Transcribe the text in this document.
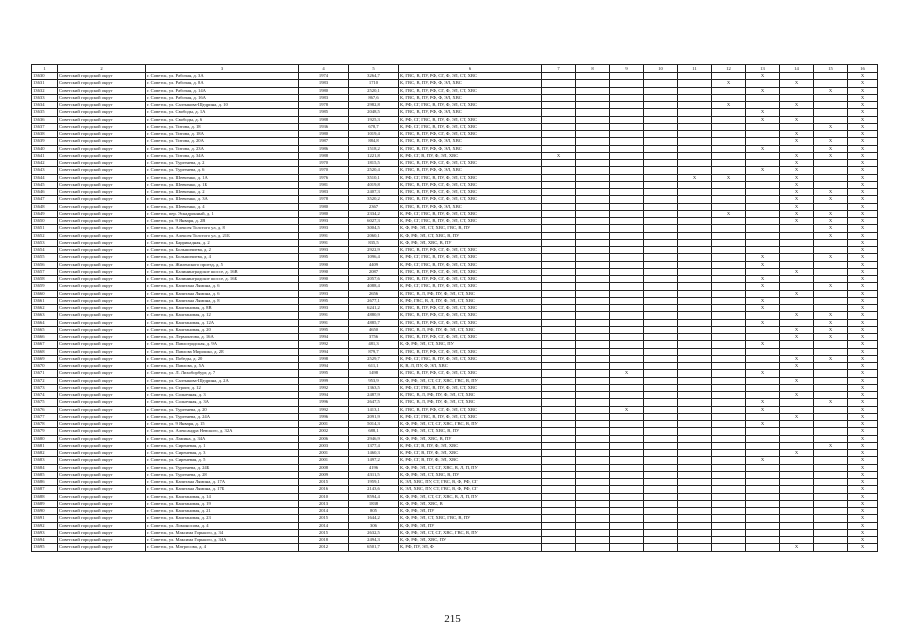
1	2	3	4	5	6	7	8	9	10	11	12	13	14	15	16
13630	Советский городской округ	г. Советск, ул. Рабочая, д. 3А	1974	3264,7	К, ГВС, В, ПУ, РФ, СГ, Ф, ЭЛ, СТ, ХВС							X			X
13631	Советский городской округ	г. Советск, ул. Рабочая, д. 8А	1983	1710	К, ГВС, В, ПУ, РФ, Ф, ЭЛ, ХВС						X		X		X
13632	Советский городской округ	г. Советск, ул. Рабочая, д. 14А	1980	2520,1	К, ГВС, В, ПУ, РФ, СГ, Ф, ЭЛ, СТ, ХВС							X		X	X
13633	Советский городской округ	г. Советск, ул. Рабочая, д. 16А	1983	867,6	К, ГВС, В, ПУ, РФ, Ф, ЭЛ, ХВС										X
13634	Советский городской округ	г. Советск, ул. Салтыкова-Щедрина, д. 10	1978	2982,8	К, РФ, СГ, ГВС, В, ПУ, Ф, ЭЛ, СТ, ХВС						X		X		X
13635	Советский городской округ	г. Советск, ул. Свободы, д. 1А	1985	2048,5	К, ГВС, В, ПУ, РФ, Ф, ЭЛ, ХВС							X			X
13636	Советский городской округ	г. Советск, ул. Свободы, д. 6	1988	1925,3	К, РФ, СГ, ГВС, В, ПУ, Ф, ЭЛ, СТ, ХВС							X	X		X
13637	Советский городской округ	г. Советск, ул. Титова, д. 18	1936	678,7	К, РФ, СГ, ГВС, В, ПУ, Ф, ЭЛ, СТ, ХВС									X	X
13638	Советский городской округ	г. Советск, ул. Титова, д. 18А	1980	1019,4	К, ГВС, В, ПУ, РФ, СГ, Ф, ЭЛ, СТ, ХВС								X		X
13639	Советский городской округ	г. Советск, ул. Титова, д. 20А	1987	884,8	К, ГВС, В, ПУ, РФ, Ф, ЭЛ, ХВС								X	X	X
13640	Советский городской округ	г. Советск, ул. Титова, д. 23А	1986	1518,2	К, ГВС, В, ПУ, РФ, Ф, ЭЛ, ХВС							X		X	X
13641	Советский городской округ	г. Советск, ул. Титова, д. 34А	1988	1221,8	К, РФ, СГ, В, ПУ, Ф, ЭЛ, ХВС	X							X	X	X
13642	Советский городской округ	г. Советск, ул. Тургенева, д. 2	1970	1815,5	К, ГВС, В, ПУ, РФ, СГ, Ф, ЭЛ, СТ, ХВС								X		X
13643	Советский городской округ	г. Советск, ул. Тургенева, д. 6	1970	2520,4	К, ГВС, В, ПУ, РФ, Ф, ЭЛ, ХВС							X	X		X
13644	Советский городской округ	г. Советск, ул. Шевченко, д. 1А	1976	3510,1	К, РФ, СГ, ГВС, В, ПУ, Ф, ЭЛ, СТ, ХВС					X	X		X		X
13645	Советский городской округ	г. Советск, ул. Шевченко, д. 1Б	1981	4019,8	К, ГВС, В, ПУ, РФ, СГ, Ф, ЭЛ, СТ, ХВС								X		X
13646	Советский городской округ	г. Советск, ул. Шевченко, д. 2	1983	2407,3	К, ГВС, В, ПУ, РФ, СГ, Ф, ЭЛ, СТ, ХВС								X	X	X
13647	Советский городской округ	г. Советск, ул. Шевченко, д. 3А	1978	3520,2	К, ГВС, В, ПУ, РФ, СГ, Ф, ЭЛ, СТ, ХВС								X	X	X
13648	Советский городской округ	г. Советск, ул. Шевченко, д. 4	1980	2367	К, ГВС, В, ПУ, РФ, Ф, ЭЛ, ХВС								X		X
13649	Советский городской округ	г. Советск, пер. Эскадронный, д. 1	1980	2334,2	К, РФ, СГ, ГВС, В, ПУ, Ф, ЭЛ, СТ, ХВС						X		X	X	X
13650	Советский городской округ	г. Советск, ул. 9 Января, д. 2В	1993	6027,3	К, РФ, СГ, ГВС, В, ПУ, Ф, ЭЛ, СТ, ХВС								X	X	X
13651	Советский городской округ	г. Советск, ул. Алексея Толстого ул, д. 8	1993	3004,5	К, Ф, РФ, ЭЛ, СТ, ХВС, ГВС, В, ПУ									X	X
13652	Советский городской округ	г. Советск, ул. Алексея Толстого ул, д. 21Б	1991	2060,1	К, Ф, РФ, ЭЛ, СТ, ХВС, В, ПУ									X	X
13653	Советский городской округ	г. Советск, ул. Баррикадная, д. 2	1991	835,5	К, Ф, РФ, ЭЛ, ХВС, В, ПУ										X
13654	Советский городской округ	г. Советск, ул. Большичиева, д. 2	1993	2922,9	К, ГВС, В, ПУ, РФ, СГ, Ф, ЭЛ, СТ, ХВС										X
13655	Советский городской округ	г. Советск, ул. Большичиева, д. 4	1995	1096,4	К, РФ, СГ, ГВС, В, ПУ, Ф, ЭЛ, СТ, ХВС							X		X	X
13656	Советский городской округ	г. Советск, ул. Жиленского проезд, д. 5	1990	4409	К, РФ, СГ, ГВС, В, ПУ, Ф, ЭЛ, СТ, ХВС							X			X
13657	Советский городской округ	г. Советск, ул. Калининградское шоссе, д. 16В	1990	2087	К, ГВС, В, ПУ, РФ, СГ, Ф, ЭЛ, СТ, ХВС								X		X
13658	Советский городской округ	г. Советск, ул. Калининградское шоссе, д. 16Б	1990	2057,6	К, ГВС, В, ПУ, РФ, СГ, Ф, ЭЛ, СТ, ХВС							X			X
13659	Советский городской округ	г. Советск, ул. Капитана Лямина, д. 6	1995	4088,4	К, РФ, СГ, ГВС, В, ПУ, Ф, ЭЛ, СТ, ХВС							X		X	X
13660	Советский городской округ	г. Советск, ул. Капитана Лямина, д. 6	1993	2656	К, ГВС, В, Л, РФ, ПУ, Ф, ЭЛ, СТ, ХВС								X		X
13661	Советский городской округ	г. Советск, ул. Капитана Лямина, д. 8	1995	2677,1	К, РФ, ГВС, В, Л, ПУ, Ф, ЭЛ, СТ, ХВС							X			X
13662	Советский городской округ	г. Советск, ул. Каштановая, д. 8В	1993	6241,2	К, ГВС, В, ПУ, РФ, СГ, Ф, ЭЛ, СТ, ХВС							X			X
13663	Советский городской округ	г. Советск, ул. Каштановая, д. 12	1991	4880,9	К, ГВС, В, ПУ, РФ, СГ, Ф, ЭЛ, СТ, ХВС								X	X	X
13664	Советский городской округ	г. Советск, ул. Каштановая, д. 12А	1991	4885,7	К, ГВС, В, ПУ, РФ, СГ, Ф, ЭЛ, СТ, ХВС							X		X	X
13665	Советский городской округ	г. Советск, ул. Каштановая, д. 20	1995	4650	К, ГВС, В, Л, РФ, ПУ, Ф, ЭЛ, СТ, ХВС								X	X	X
13666	Советский городской округ	г. Советск, ул. Лермонтова, д. 16А	1994	3756	К, ГВС, В, ПУ, РФ, СГ, Ф, ЭЛ, СТ, ХВС								X	X	X
13667	Советский городской округ	г. Советск, ул. Павлоградская, д. 9А	1992	481,3	К, Ф, РФ, ЭЛ, СТ, ХВС, ПУ							X			X
13668	Советский городской округ	г. Советск, ул. Павлова Мирошко, д. 2Е	1994	879,7	К, ГВС, В, ПУ, РФ, СГ, Ф, ЭЛ, СТ, ХВС										X
13669	Советский городской округ	г. Советск, ул. Победы, д. 20	1998	2529,7	К, РФ, СГ, ГВС, В, ПУ, Ф, ЭЛ, СТ, ХВС								X	X	X
13670	Советский городской округ	г. Советск, ул. Павлова, д. 5А	1994	611,1	К, В, Л, ПУ, Ф, ЭЛ, ХВС								X		X
13671	Советский городской округ	г. Советск, ул. Л. Лихоборбург, д. 7	1995	1498	К, ГВС, В, ПУ, РФ, СГ, Ф, ЭЛ, СТ, ХВС			X				X			X
13672	Советский городской округ	г. Советск, ул. Салтыкова-Щедрина, д. 2А	1999	953,9	К, Ф, РФ, ЭЛ, СТ, СГ, ХВС, ГВС, В, ПУ								X		X
13673	Советский городской округ	г. Советск, ул. Строит, д. 12	1992	1363,5	К, РФ, СГ, ГВС, В, ПУ, Ф, ЭЛ, СТ, ХВС										X
13674	Советский городской округ	г. Советск, ул. Солнечная, д. 3	1994	2487,9	К, ГВС, В, Л, РФ, ПУ, Ф, ЭЛ, СТ, ХВС								X		X
13675	Советский городской округ	г. Советск, ул. Солнечная, д. 3А	1996	2647,5	К, ГВС, В, Л, РФ, ПУ, Ф, ЭЛ, СТ, ХВС							X		X	X
13676	Советский городской округ	г. Советск, ул. Тургенева, д. 20	1992	1413,1	К, ГВС, В, ПУ, РФ, СГ, Ф, ЭЛ, СТ, ХВС			X				X			X
13677	Советский городской округ	г. Советск, ул. Тургенева, д. 24А	1996	2091,9	К, РФ, СГ, ГВС, В, ПУ, Ф, ЭЛ, СТ, ХВС								X		X
13678	Советский городской округ	г. Советск, ул. 9 Января, д. 15	2001	5014,3	К, Ф, РФ, ЭЛ, СТ, СГ, ХВС, ГВС, В, ПУ							X			X
13679	Советский городской округ	г. Советск, ул. Александра Невского, д. 32А	2002	688,1	К, Ф, РФ, ЭЛ, СТ, ХВС, В, ПУ										X
13680	Советский городской округ	г. Советск, ул. Ламина, д. 34А	2006	2946,9	К, Ф, РФ, ЭЛ, ХВС, В, ПУ										X
13681	Советский городской округ	г. Советск, ул. Сиреневая, д. 1	2003	1377,4	К, РФ, СГ, В, ПУ, Ф, ЭЛ, ХВС									X	X
13682	Советский городской округ	г. Советск, ул. Сиреневая, д. 3	2001	1460,3	К, РФ, СГ, В, ПУ, Ф, ЭЛ, ХВС								X		X
13683	Советский городской округ	г. Советск, ул. Сиреневая, д. 5	2001	1497,2	К, РФ, СГ, В, ПУ, Ф, ЭЛ, ХВС							X			X
13684	Советский городской округ	г. Советск, ул. Тургенева, д. 24Б	2008	4196	К, Ф, РФ, ЭЛ, СТ, СГ, ХВС, В, Л, П, ПУ										X
13685	Советский городской округ	г. Советск, ул. Тургенева, д. 28	2009	4311,5	К, Ф, РФ, ЭЛ, СТ, ХВС, В, ПУ										X
13686	Советский городской округ	г. Советск, ул. Капитана Лямина, д. 17А	2015	1959,1	К, ЭЛ, ХВС, ПУ, СТ, ГВС, В, Ф, РФ, СГ										X
13687	Советский городской округ	г. Советск, ул. Капитана Лямина, д. 17Б	2016	2143,6	К, ЭЛ, ХВС, ПУ, СТ, ГВС, В, Ф, РФ, СГ										X
13688	Советский городской округ	г. Советск, ул. Каштановая, д. 14	2010	8594,4	К, Ф, РФ, ЭЛ, СТ, СГ, ХВС, В, Л, П, ПУ										X
13689	Советский городской округ	г. Советск, ул. Каштановая, д. 19	2013	1838	К, Ф, РФ, ЭЛ, ХВС, В										X
13690	Советский городской округ	г. Советск, ул. Каштановая, д. 21	2014	805	К, Ф, РФ, ЭЛ, ПУ										X
13691	Советский городской округ	г. Советск, ул. Каштановая, д. 23	2015	1644,2	К, Ф, РФ, ЭЛ, СТ, ХВС, ГВС, В, ПУ										X
13692	Советский городской округ	г. Советск, ул. Ломоносова, д. 4	2014	306	К, Ф, РФ, ЭЛ, ПУ										X
13693	Советский городской округ	г. Советск, ул. Максима Горького, д. 34	2015	2632,5	К, Ф, РФ, ЭЛ, СТ, СГ, ХВС, ГВС, В, ПУ										X
13694	Советский городской округ	г. Советск, ул. Максима Горького, д. 34А	2018	2494,3	К, Ф, РФ, ЭЛ, ХВС, ПУ										X
13695	Советский городской округ	г. Советск, ул. Матросова, д. 4	2012	6501,7	К, РФ, ПУ, ЭЛ, Ф								X		X
215
